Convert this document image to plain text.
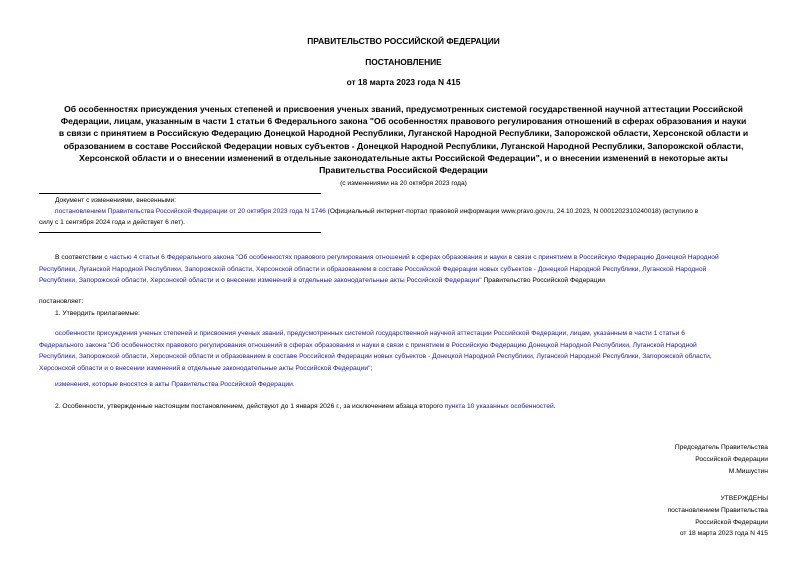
ПРАВИТЕЛЬСТВО РОССИЙСКОЙ ФЕДЕРАЦИИ
ПОСТАНОВЛЕНИЕ
от 18 марта 2023 года N 415
Об особенностях присуждения ученых степеней и присвоения ученых званий, предусмотренных системой государственной научной аттестации Российской
Федерации, лицам, указанным в части 1 статьи 6 Федерального закона "Об особенностях правового регулирования отношений в сферах образования и науки
в связи с принятием в Российскую Федерацию Донецкой Народной Республики, Луганской Народной Республики, Запорожской области, Херсонской области и
образованием в составе Российской Федерации новых субъектов - Донецкой Народной Республики, Луганской Народной Республики, Запорожской области,
Херсонской области и о внесении изменений в отдельные законодательные акты Российской Федерации", и о внесении изменений в некоторые акты
Правительства Российской Федерации
(с изменениями на 20 октября 2023 года)
Документ с изменениями, внесенными:
постановлением Правительства Российской Федерации от 20 октября 2023 года N 1746 (Официальный интернет-портал правовой информации www.pravo.gov.ru, 24.10.2023, N 0001202310240018) (вступило в
силу с 1 сентября 2024 года и действует 6 лет).
В соответствии с частью 4 статьи 6 Федерального закона "Об особенностях правового регулирования отношений в сферах образования и науки в связи с принятием в Российскую Федерацию Донецкой Народной
Республики, Луганской Народной Республики, Запорожской области, Херсонской области и образованием в составе Российской Федерации новых субъектов - Донецкой Народной Республики, Луганской Народной
Республики, Запорожской области, Херсонской области и о внесении изменений в отдельные законодательные акты Российской Федерации" Правительство Российской Федерации
постановляет:
1. Утвердить прилагаемые:
особенности присуждения ученых степеней и присвоения ученых званий, предусмотренных системой государственной научной аттестации Российской Федерации, лицам, указанным в части 1 статьи 6
Федерального закона "Об особенностях правового регулирования отношений в сферах образования и науки в связи с принятием в Российскую Федерацию Донецкой Народной Республики, Луганской Народной
Республики, Запорожской области, Херсонской области и образованием в составе Российской Федерации новых субъектов - Донецкой Народной Республики, Луганской Народной Республики, Запорожской области,
Херсонской области и о внесении изменений в отдельные законодательные акты Российской Федерации";
изменения, которые вносятся в акты Правительства Российской Федерации.
2. Особенности, утвержденные настоящим постановлением, действуют до 1 января 2026 г., за исключением абзаца второго пункта 10 указанных особенностей.
Председатель Правительства
Российской Федерации
М.Мишустин
УТВЕРЖДЕНЫ
постановлением Правительства
Российской Федерации
от 18 марта 2023 года N 415
